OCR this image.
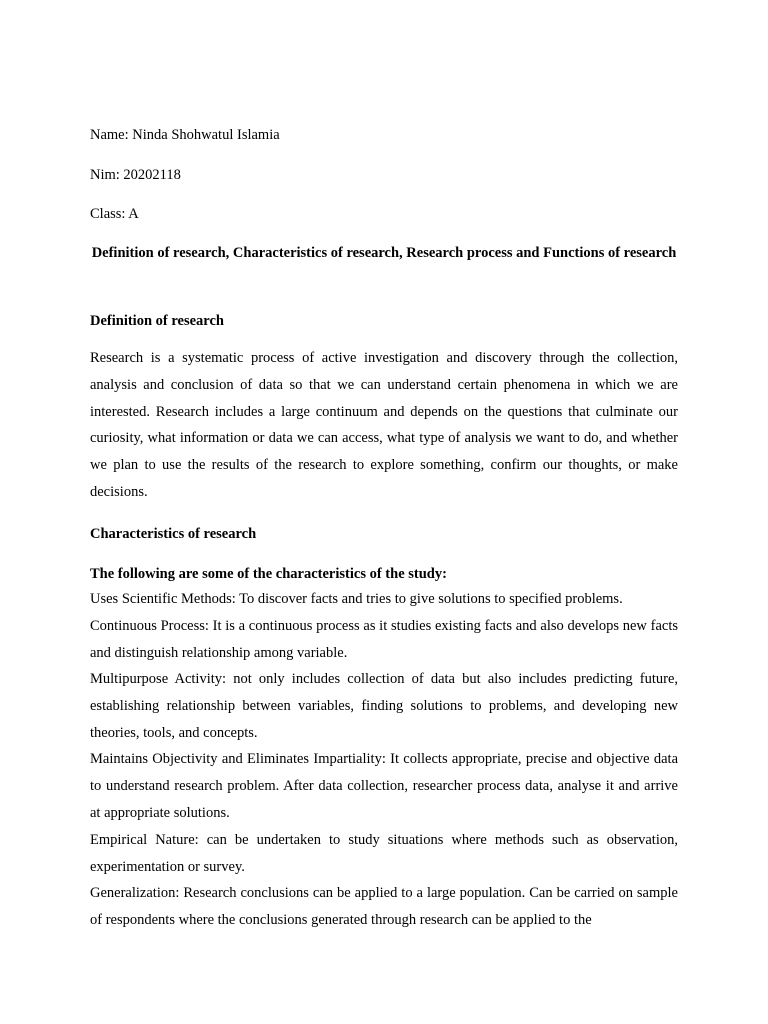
Name: Ninda Shohwatul Islamia
Nim: 20202118
Class: A
Definition of research, Characteristics of research, Research process and Functions of research
Definition of research
Research is a systematic process of active investigation and discovery through the collection, analysis and conclusion of data so that we can understand certain phenomena in which we are interested. Research includes a large continuum and depends on the questions that culminate our curiosity, what information or data we can access, what type of analysis we want to do, and whether we plan to use the results of the research to explore something, confirm our thoughts, or make decisions.
Characteristics of research
The following are some of the characteristics of the study:
Uses Scientific Methods: To discover facts and tries to give solutions to specified problems.
Continuous Process: It is a continuous process as it studies existing facts and also develops new facts and distinguish relationship among variable.
Multipurpose Activity: not only includes collection of data but also includes predicting future, establishing relationship between variables, finding solutions to problems, and developing new theories, tools, and concepts.
Maintains Objectivity and Eliminates Impartiality: It collects appropriate, precise and objective data to understand research problem. After data collection, researcher process data, analyse it and arrive at appropriate solutions.
Empirical Nature: can be undertaken to study situations where methods such as observation, experimentation or survey.
Generalization: Research conclusions can be applied to a large population. Can be carried on sample of respondents where the conclusions generated through research can be applied to the
